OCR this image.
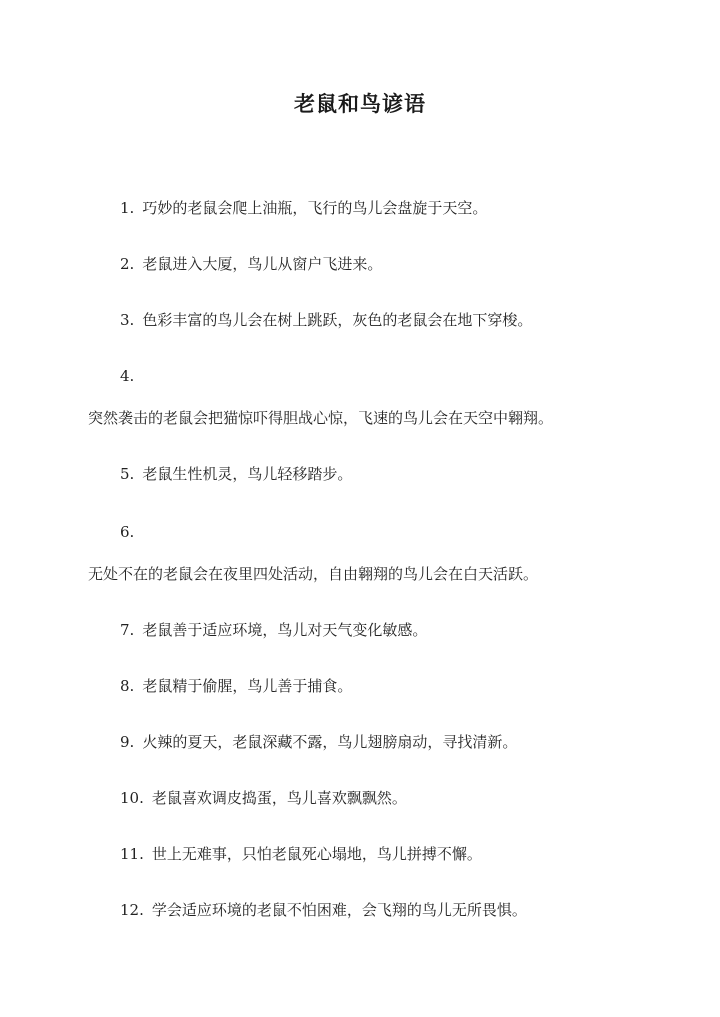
老鼠和鸟谚语
1. 巧妙的老鼠会爬上油瓶，飞行的鸟儿会盘旋于天空。
2. 老鼠进入大厦，鸟儿从窗户飞进来。
3. 色彩丰富的鸟儿会在树上跳跃，灰色的老鼠会在地下穿梭。
4.
突然袭击的老鼠会把猫惊吓得胆战心惊，飞速的鸟儿会在天空中翱翔。
5. 老鼠生性机灵，鸟儿轻移踏步。
6.
无处不在的老鼠会在夜里四处活动，自由翱翔的鸟儿会在白天活跃。
7. 老鼠善于适应环境，鸟儿对天气变化敏感。
8. 老鼠精于偷腥，鸟儿善于捕食。
9. 火辣的夏天，老鼠深藏不露，鸟儿翅膀扇动，寻找清新。
10. 老鼠喜欢调皮捣蛋，鸟儿喜欢飘飘然。
11. 世上无难事，只怕老鼠死心塌地，鸟儿拼搏不懈。
12. 学会适应环境的老鼠不怕困难，会飞翔的鸟儿无所畏惧。
